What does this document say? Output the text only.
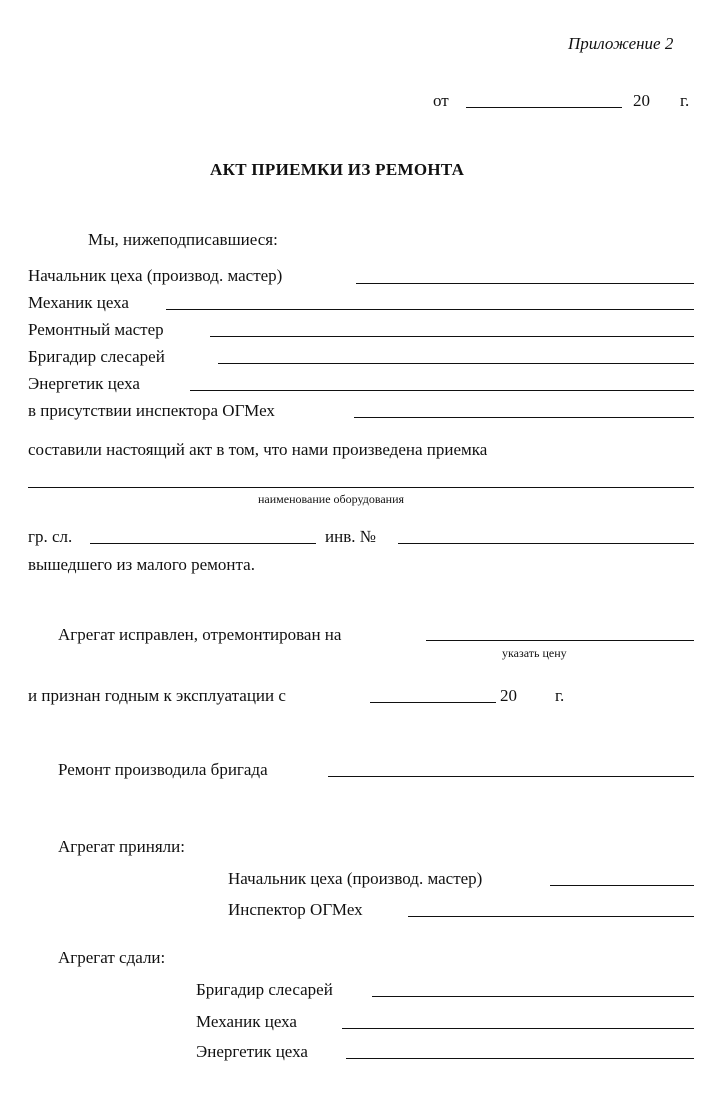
Приложение 2
от	20 г.
АКТ ПРИЕМКИ ИЗ РЕМОНТА
Мы, нижеподписавшиеся:
Начальник цеха (производ. мастер)
Механик цеха
Ремонтный мастер
Бригадир слесарей
Энергетик цеха
в присутствии инспектора ОГМех
составили настоящий акт в том, что нами произведена приемка
наименование оборудования
гр. сл.	инв. №
вышедшего из малого ремонта.
Агрегат исправлен, отремонтирован на
указать цену
и признан годным к эксплуатации с	20 г.
Ремонт производила бригада
Агрегат приняли:
Начальник цеха (производ. мастер)
Инспектор ОГМех
Агрегат сдали:
Бригадир слесарей
Механик цеха
Энергетик цеха
